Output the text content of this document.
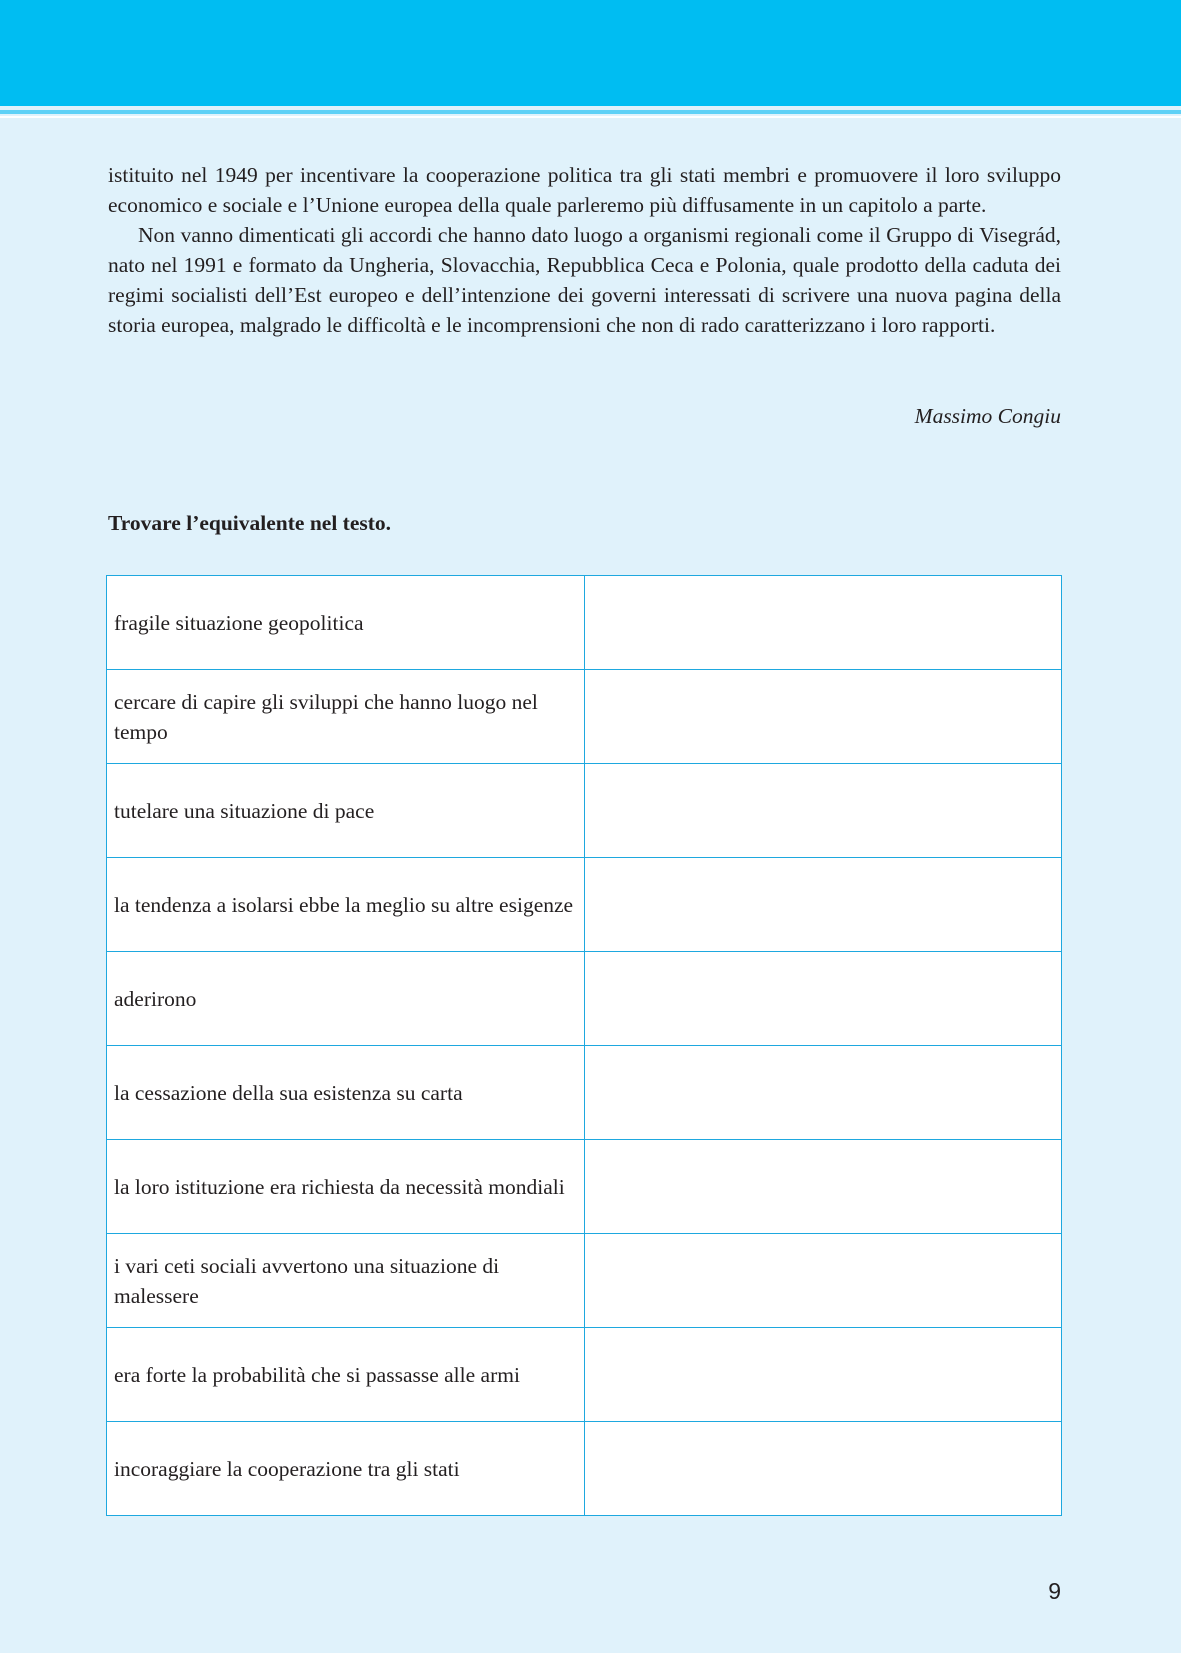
istituito nel 1949 per incentivare la cooperazione politica tra gli stati membri e promuovere il loro sviluppo economico e sociale e l’Unione europea della quale parleremo più diffusamente in un capitolo a parte.

Non vanno dimenticati gli accordi che hanno dato luogo a organismi regionali come il Gruppo di Visegrád, nato nel 1991 e formato da Ungheria, Slovacchia, Repubblica Ceca e Polonia, quale prodotto della caduta dei regimi socialisti dell’Est europeo e dell’intenzione dei governi interessati di scrivere una nuova pagina della storia europea, malgrado le difficoltà e le incomprensioni che non di rado caratterizzano i loro rapporti.

Massimo Congiu
Trovare l’equivalente nel testo.
fragile situazione geopolitica	
cercare di capire gli sviluppi che hanno luogo nel tempo	
tutelare una situazione di pace	
la tendenza a isolarsi ebbe la meglio su altre esigenze	
aderirono	
la cessazione della sua esistenza su carta	
la loro istituzione era richiesta da necessità mondiali	
i vari ceti sociali avvertono una situazione di malessere	
era forte la probabilità che si passasse alle armi	
incoraggiare la cooperazione tra gli stati	
9
